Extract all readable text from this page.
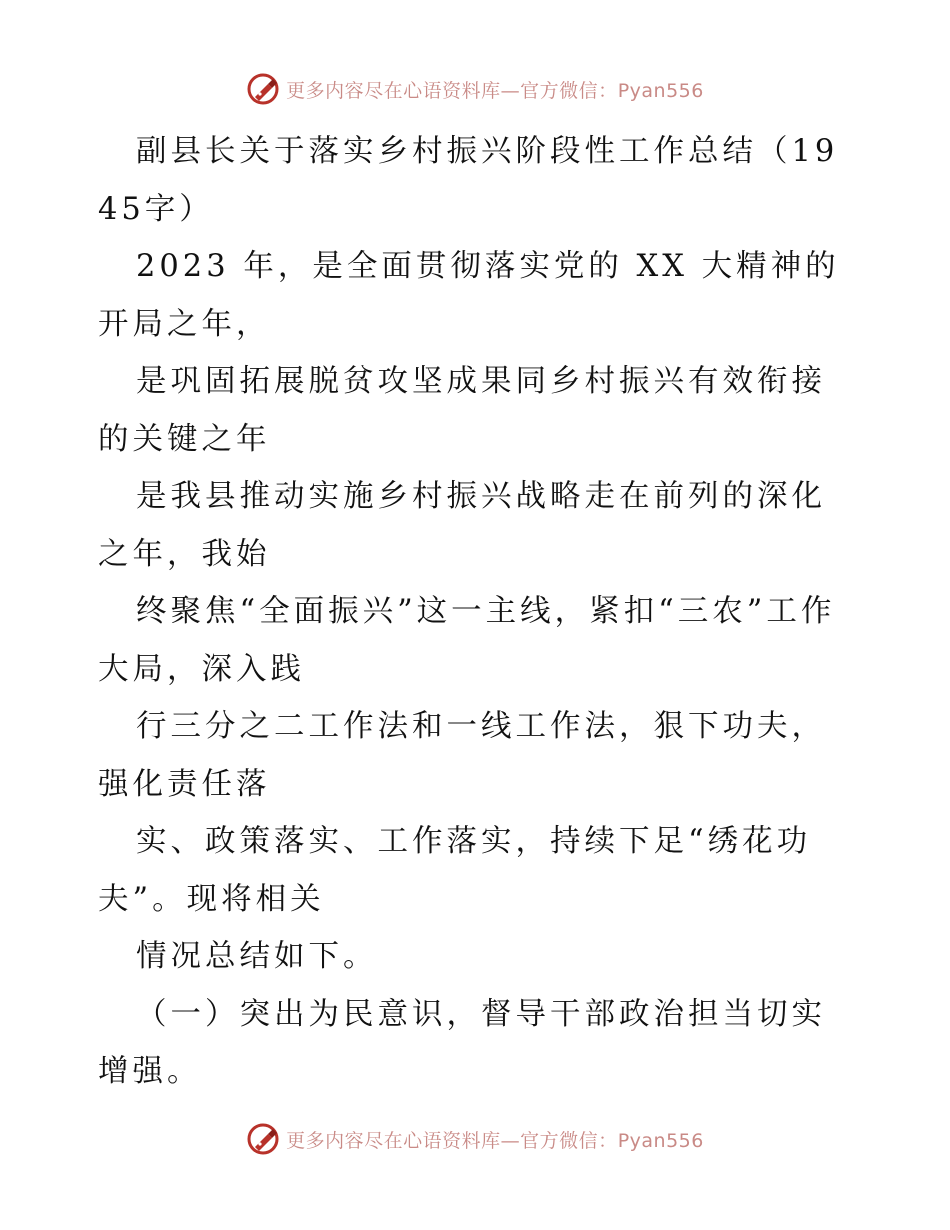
更多内容尽在心语资料库—官方微信：Pyan556

副县长关于落实乡村振兴阶段性工作总结（1945字）

2023 年，是全面贯彻落实党的 XX 大精神的开局之年，

是巩固拓展脱贫攻坚成果同乡村振兴有效衔接的关键之年

是我县推动实施乡村振兴战略走在前列的深化之年，我始

终聚焦“全面振兴”这一主线，紧扣“三农”工作大局，深入践

行三分之二工作法和一线工作法，狠下功夫，强化责任落

实、政策落实、工作落实，持续下足“绣花功夫”。现将相关

情况总结如下。

（一）突出为民意识，督导干部政治担当切实增强。

更多内容尽在心语资料库—官方微信：Pyan556
